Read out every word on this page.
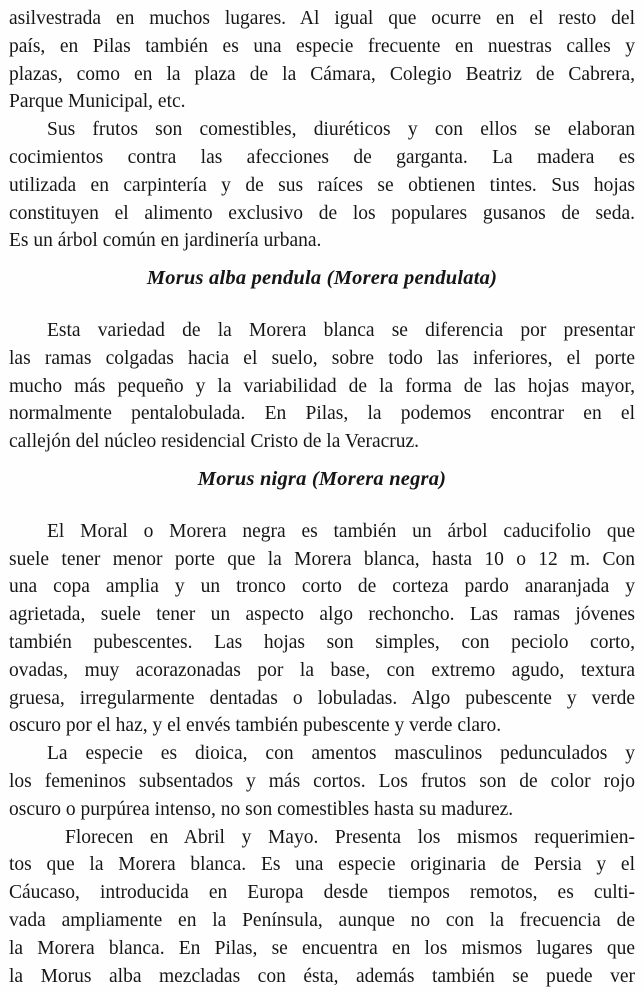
asilvestrada en muchos lugares. Al igual que ocurre en el resto del
país, en Pilas también es una especie frecuente en nuestras calles y
plazas, como en la plaza de la Cámara, Colegio Beatriz de Cabrera,
Parque Municipal, etc.
Sus frutos son comestibles, diuréticos y con ellos se elaboran
cocimientos contra las afecciones de garganta. La madera es
utilizada en carpintería y de sus raíces se obtienen tintes. Sus hojas
constituyen el alimento exclusivo de los populares gusanos de seda.
Es un árbol común en jardinería urbana.
Morus alba pendula (Morera pendulata)
Esta variedad de la Morera blanca se diferencia por presentar
las ramas colgadas hacia el suelo, sobre todo las inferiores, el porte
mucho más pequeño y la variabilidad de la forma de las hojas mayor,
normalmente pentalobulada. En Pilas, la podemos encontrar en el
callejón del núcleo residencial Cristo de la Veracruz.
Morus nigra (Morera negra)
El Moral o Morera negra es también un árbol caducifolio que
suele tener menor porte que la Morera blanca, hasta 10 o 12 m. Con
una copa amplia y un tronco corto de corteza pardo anaranjada y
agrietada, suele tener un aspecto algo rechoncho. Las ramas jóvenes
también pubescentes. Las hojas son simples, con peciolo corto,
ovadas, muy acorazonadas por la base, con extremo agudo, textura
gruesa, irregularmente dentadas o lobuladas. Algo pubescente y verde
oscuro por el haz, y el envés también pubescente y verde claro.
La especie es dioica, con amentos masculinos pedunculados y
los femeninos subsentados y más cortos. Los frutos son de color rojo
oscuro o purpúrea intenso, no son comestibles hasta su madurez.
Florecen en Abril y Mayo. Presenta los mismos requerimien-
tos que la Morera blanca. Es una especie originaria de Persia y el
Cáucaso, introducida en Europa desde tiempos remotos, es culti-
vada ampliamente en la Península, aunque no con la frecuencia de
la Morera blanca. En Pilas, se encuentra en los mismos lugares que
la Morus alba mezcladas con ésta, además también se puede ver
